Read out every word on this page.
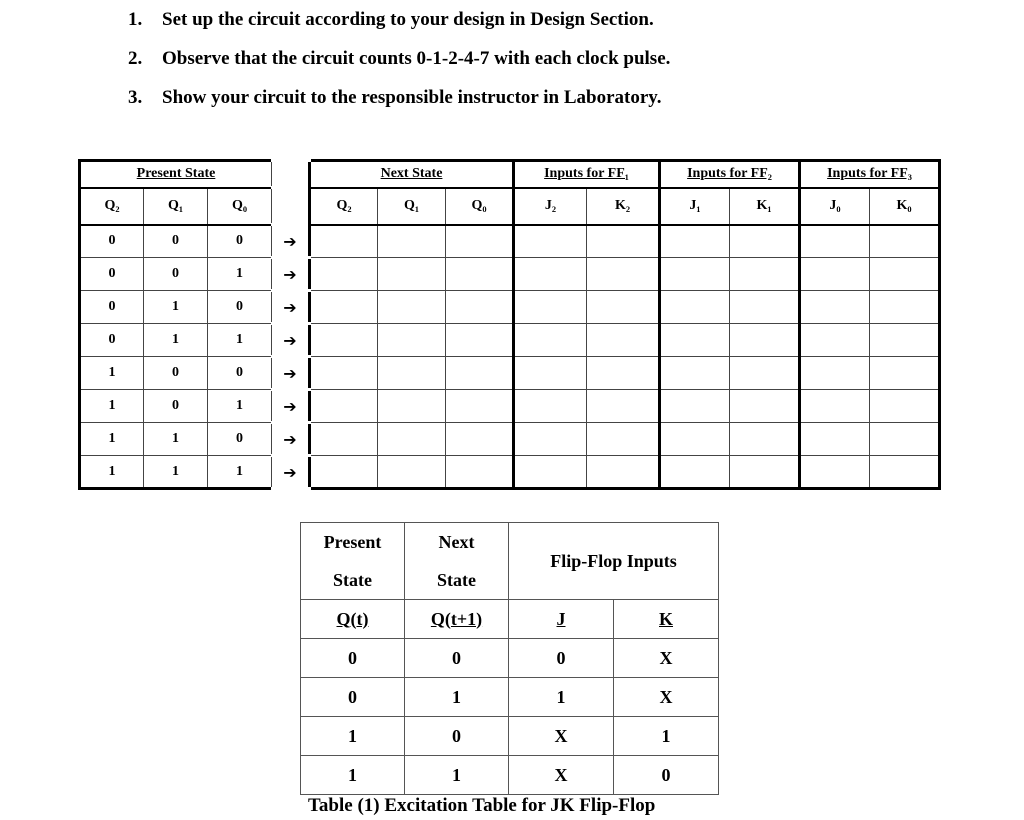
1. Set up the circuit according to your design in Design Section.
2. Observe that the circuit counts 0-1-2-4-7 with each clock pulse.
3. Show your circuit to the responsible instructor in Laboratory.
Present State				Next State			Inputs for FF₁		Inputs for FF₂		Inputs for FF₃	
Q₂	Q₁	Q₀		Q₂	Q₁	Q₀	J₂	K₂	J₁	K₁	J₀	K₀
0	0	0	➔									
0	0	1	➔									
0	1	0	➔									
0	1	1	➔									
1	0	0	➔									
1	0	1	➔									
1	1	0	➔									
1	1	1	➔									
Present	Next	Flip-Flop Inputs	
State	State		
Q(t)	Q(t+1)	J	K
0	0	0	X
0	1	1	X
1	0	X	1
1	1	X	0
Table (1) Excitation Table for JK Flip-Flop
